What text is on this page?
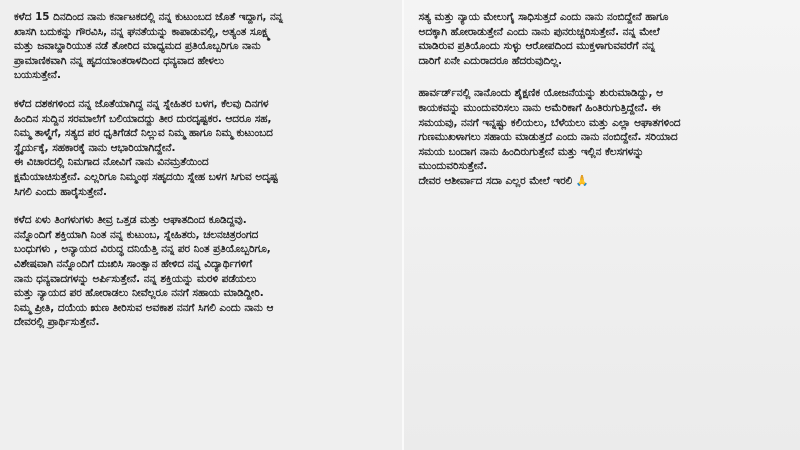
ಕಳೆದ 15 ದಿನದಿಂದ ನಾನು ಕರ್ನಾಟಕದಲ್ಲಿ ನನ್ನ ಕುಟುಂಬದ ಜೊತೆ ಇದ್ದಾಗ, ನನ್ನ
ಖಾಸಗಿ ಬದುಕನ್ನು ಗೌರವಿಸಿ, ನನ್ನ ಘನತೆಯನ್ನು ಕಾಪಾಡುವಲ್ಲಿ, ಅತ್ಯಂತ ಸೂಕ್ಷ್ಮ
ಮತ್ತು ಜವಾಬ್ದಾರಿಯುತ ನಡೆ ತೋರಿದ ಮಾಧ್ಯಮದ ಪ್ರತಿಯೊಬ್ಬರಿಗೂ ನಾನು
ಪ್ರಾಮಾಣಿಕವಾಗಿ ನನ್ನ ಹೃದಯಾಂತರಾಳದಿಂದ ಧನ್ಯವಾದ ಹೇಳಲು
ಬಯಸುತ್ತೇನೆ.

ಕಳೆದ ದಶಕಗಳಿಂದ ನನ್ನ ಜೊತೆಯಾಗಿದ್ದ ನನ್ನ ಸ್ನೇಹಿತರ ಬಳಗ, ಕೆಲವು ದಿನಗಳ
ಹಿಂದಿನ ಸುದ್ದಿನ ಸರಮಾಲೆಗೆ ಬಲಿಯಾದದ್ದು ತೀರ ದುರದೃಷ್ಟಕರ. ಆದರೂ ಸಹ,
ನಿಮ್ಮ ತಾಳ್ಮೆಗೆ, ಸತ್ಯದ ಪರ ಧೃತಿಗೆಡದೆ ನಿಲ್ಲುವ ನಿಮ್ಮ ಹಾಗೂ ನಿಮ್ಮ ಕುಟುಂಬದ
ಸ್ಥೈರ್ಯಕ್ಕೆ, ಸಹಕಾರಕ್ಕೆ ನಾನು ಆಭಾರಿಯಾಗಿದ್ದೇನೆ.
ಈ ವಿಚಾರದಲ್ಲಿ ನಿಮಗಾದ ನೋವಿಗೆ ನಾನು ವಿನಮ್ರತೆಯಿಂದ
ಕ್ಷಮೆಯಾಚಿಸುತ್ತೇನೆ. ಎಲ್ಲರಿಗೂ ನಿಮ್ಮಂಥ ಸಹೃದಯಿ ಸ್ನೇಹ ಬಳಗ ಸಿಗುವ ಅದೃಷ್ಟ
ಸಿಗಲಿ ಎಂದು ಹಾರೈಸುತ್ತೇನೆ.

ಕಳೆದ ಏಳು ತಿಂಗಳುಗಳು ತೀವ್ರ ಒತ್ತಡ ಮತ್ತು ಆಘಾತದಿಂದ ಕೂಡಿದ್ದವು.
ನನ್ನೊಂದಿಗೆ ಶಕ್ತಿಯಾಗಿ ನಿಂತ ನನ್ನ ಕುಟುಂಬ, ಸ್ನೇಹಿತರು, ಚಲನಚಿತ್ರರಂಗದ
ಬಂಧುಗಳು , ಅನ್ಯಾಯದ ವಿರುದ್ಧ ದನಿಯೆತ್ತಿ ನನ್ನ ಪರ ನಿಂತ ಪ್ರತಿಯೊಬ್ಬರಿಗೂ,
ವಿಶೇಷವಾಗಿ ನನ್ನೊಂದಿಗೆ ದುಃಖಿಸಿ ಸಾಂತ್ವಾನ ಹೇಳಿದ ನನ್ನ ವಿದ್ಯಾರ್ಥಿಗಳಿಗೆ
ನಾನು ಧನ್ಯವಾದಗಳನ್ನು ಅರ್ಪಿಸುತ್ತೇನೆ. ನನ್ನ ಶಕ್ತಿಯನ್ನು ಮರಳಿ ಪಡೆಯಲು
ಮತ್ತು ನ್ಯಾಯದ ಪರ ಹೋರಾಡಲು ನೀವೆಲ್ಲರೂ ನನಗೆ ಸಹಾಯ ಮಾಡಿದ್ದೀರಿ.
ನಿಮ್ಮ ಪ್ರೀತಿ, ದಯೆಯ ಋಣ ತೀರಿಸುವ ಅವಕಾಶ ನನಗೆ ಸಿಗಲಿ ಎಂದು ನಾನು ಆ
ದೇವರಲ್ಲಿ ಪ್ರಾರ್ಥಿಸುತ್ತೇನೆ.

ಸತ್ಯ ಮತ್ತು ನ್ಯಾಯ ಮೇಲುಗೈ ಸಾಧಿಸುತ್ತದೆ ಎಂದು ನಾನು ನಂಬಿದ್ದೇನೆ ಹಾಗೂ
ಅದಕ್ಕಾಗಿ ಹೋರಾಡುತ್ತೇನೆ ಎಂದು ನಾನು ಪುನರುಚ್ಚರಿಸುತ್ತೇನೆ. ನನ್ನ ಮೇಲೆ
ಮಾಡಿರುವ ಪ್ರತಿಯೊಂದು ಸುಳ್ಳು ಆರೋಪದಿಂದ ಮುಕ್ತಳಾಗುವವರೆಗೆ ನನ್ನ
ದಾರಿಗೆ ಏನೇ ಎದುರಾದರೂ ಹೆದರುವುದಿಲ್ಲ.

ಹಾರ್ವರ್ಡ್‌ನಲ್ಲಿ ನಾನೊಂದು ಶೈಕ್ಷಣಿಕ ಯೋಜನೆಯನ್ನು ಶುರುಮಾಡಿದ್ದು, ಆ
ಕಾಯಕವನ್ನು ಮುಂದುವರಿಸಲು ನಾನು ಅಮೆರಿಕಾಗೆ ಹಿಂತಿರುಗುತ್ತಿದ್ದೇನೆ. ಈ
ಸಮಯವು, ನನಗೆ ಇನ್ನಷ್ಟು ಕಲಿಯಲು, ಬೆಳೆಯಲು ಮತ್ತು ಎಲ್ಲಾ ಆಘಾತಗಳಿಂದ
ಗುಣಮುಖಳಾಗಲು ಸಹಾಯ ಮಾಡುತ್ತದೆ ಎಂದು ನಾನು ನಂಬಿದ್ದೇನೆ. ಸರಿಯಾದ
ಸಮಯ ಬಂದಾಗ ನಾನು ಹಿಂದಿರುಗುತ್ತೇನೆ ಮತ್ತು ಇಲ್ಲಿನ ಕೆಲಸಗಳನ್ನು
ಮುಂದುವರಿಸುತ್ತೇನೆ.
ದೇವರ ಆಶೀರ್ವಾದ ಸದಾ ಎಲ್ಲರ ಮೇಲೆ ಇರಲಿ 🙏
